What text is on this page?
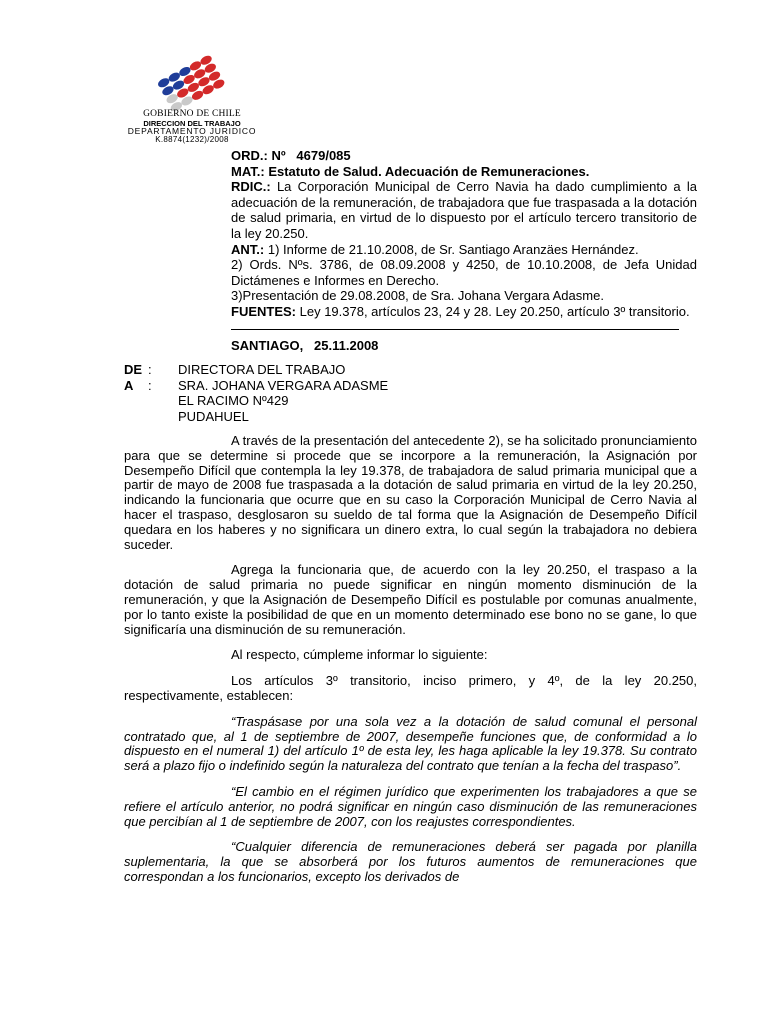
GOBIERNO DE CHILE
DIRECCION DEL TRABAJO
DEPARTAMENTO JURIDICO
K.8874(1232)/2008

ORD.: Nº 4679/085

MAT.: Estatuto de Salud. Adecuación de Remuneraciones.

RDIC.: La Corporación Municipal de Cerro Navia ha dado cumplimiento a la adecuación de la remuneración, de trabajadora que fue traspasada a la dotación de salud primaria, en virtud de lo dispuesto por el artículo tercero transitorio de la ley 20.250.

ANT.: 1) Informe de 21.10.2008, de Sr. Santiago Aranzäes Hernández.

2) Ords. Nºs. 3786, de 08.09.2008 y 4250, de 10.10.2008, de Jefa Unidad Dictámenes e Informes en Derecho.

3)Presentación de 29.08.2008, de Sra. Johana Vergara Adasme.

FUENTES: Ley 19.378, artículos 23, 24 y 28. Ley 20.250, artículo 3º transitorio.

SANTIAGO,   25.11.2008
DE :	DIRECTORA DEL TRABAJO
A	:	SRA. JOHANA VERGARA ADASME
EL RACIMO Nº429
PUDAHUEL

A través de la presentación del antecedente 2), se ha solicitado pronunciamiento para que se determine si procede que se incorpore a la remuneración, la Asignación por Desempeño Difícil que contempla la ley 19.378, de trabajadora de salud primaria municipal que a partir de mayo de 2008 fue traspasada a la dotación de salud primaria en virtud de la ley 20.250, indicando la funcionaria que ocurre que en su caso la Corporación Municipal de Cerro Navia al hacer el traspaso, desglosaron su sueldo de tal forma que la Asignación de Desempeño Difícil quedara en los haberes y no significara un dinero extra, lo cual según la trabajadora no debiera suceder.

Agrega la funcionaria que, de acuerdo con la ley 20.250, el traspaso a la dotación de salud primaria no puede significar en ningún momento disminución de la remuneración, y que la Asignación de Desempeño Difícil es postulable por comunas anualmente, por lo tanto existe la posibilidad de que en un momento determinado ese bono no se gane, lo que significaría una disminución de su remuneración.

Al respecto, cúmpleme informar lo siguiente:

Los artículos 3º transitorio, inciso primero, y 4º, de la ley 20.250, respectivamente, establecen:

“Traspásase por una sola vez a la dotación de salud comunal el personal contratado que, al 1 de septiembre de 2007, desempeñe funciones que, de conformidad a lo dispuesto en el numeral 1) del artículo 1º de esta ley, les haga aplicable la ley 19.378. Su contrato será a plazo fijo o indefinido según la naturaleza del contrato que tenían a la fecha del traspaso”.

“El cambio en el régimen jurídico que experimenten los trabajadores a que se refiere el artículo anterior, no podrá significar en ningún caso disminución de las remuneraciones que percibían al 1 de septiembre de 2007, con los reajustes correspondientes.

“Cualquier diferencia de remuneraciones deberá ser pagada por planilla suplementaria, la que se absorberá por los futuros aumentos de remuneraciones que correspondan a los funcionarios, excepto los derivados de
